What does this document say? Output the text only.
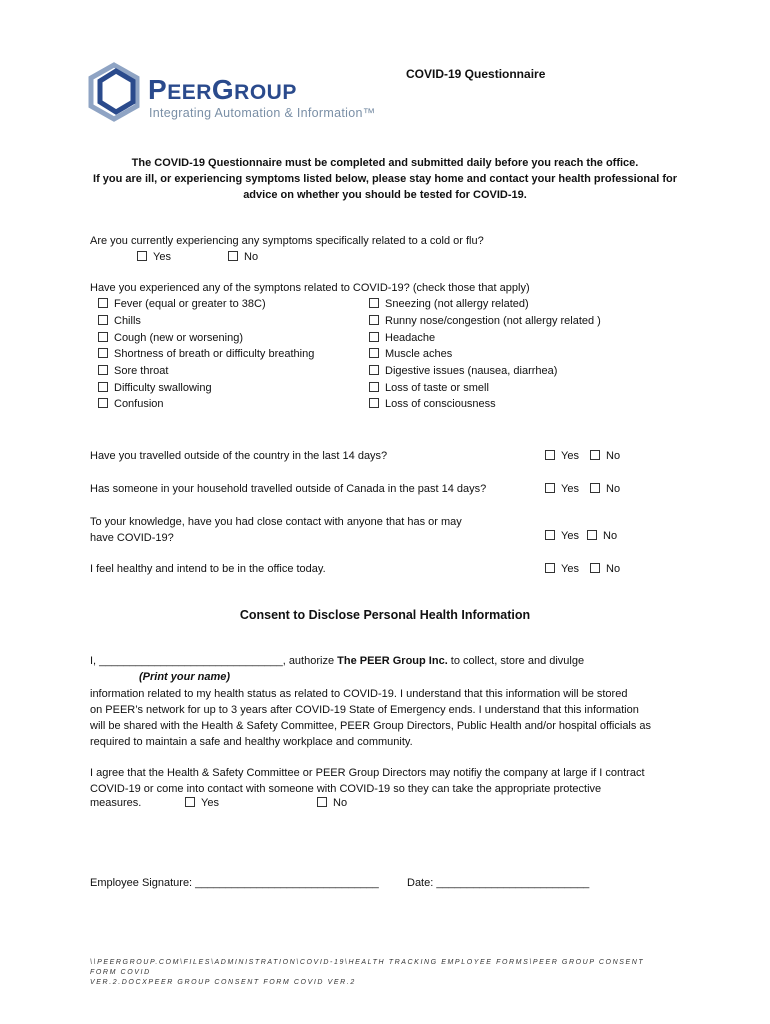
PEERGROUP
Integrating Automation & Information™
COVID-19 Questionnaire
The COVID-19 Questionnaire must be completed and submitted daily before you reach the office.
If you are ill, or experiencing symptoms listed below, please stay home and contact your health professional for
advice on whether you should be tested for COVID-19.
Are you currently experiencing any symptoms specifically related to a cold or flu?
Yes	No
Have you experienced any of the symptons related to COVID-19? (check those that apply)
Fever (equal or greater to 38C)
Chills
Cough (new or worsening)
Shortness of breath or difficulty breathing
Sore throat
Difficulty swallowing
Confusion
Sneezing (not allergy related)
Runny nose/congestion (not allergy related )
Headache
Muscle aches
Digestive issues (nausea, diarrhea)
Loss of taste or smell
Loss of consciousness
Have you travelled outside of the country in the last 14 days?	Yes	No
Has someone in your household travelled outside of Canada in the past 14 days?	Yes	No
To your knowledge, have you had close contact with anyone that has or may
have COVID-19?	Yes	No
I feel healthy and intend to be in the office today.	Yes	No
Consent to Disclose Personal Health Information
I, ______________________________, authorize The PEER Group Inc. to collect, store and divulge
(Print your name)
information related to my health status as related to COVID-19. I understand that this information will be stored
on PEER’s network for up to 3 years after COVID-19 State of Emergency ends. I understand that this information
will be shared with the Health & Safety Committee, PEER Group Directors, Public Health and/or hospital officials as
required to maintain a safe and healthy workplace and community.
I agree that the Health & Safety Committee or PEER Group Directors may notifiy the company at large if I contract
COVID-19 or come into contact with someone with COVID-19 so they can take the appropriate protective
measures.	Yes	No
Employee Signature: ______________________________	Date: _________________________
\\PEERGROUP.COM\FILES\ADMINISTRATION\COVID-19\HEALTH TRACKING EMPLOYEE FORMS\PEER GROUP CONSENT FORM COVID
VER.2.DOCXPEER GROUP CONSENT FORM COVID VER.2
